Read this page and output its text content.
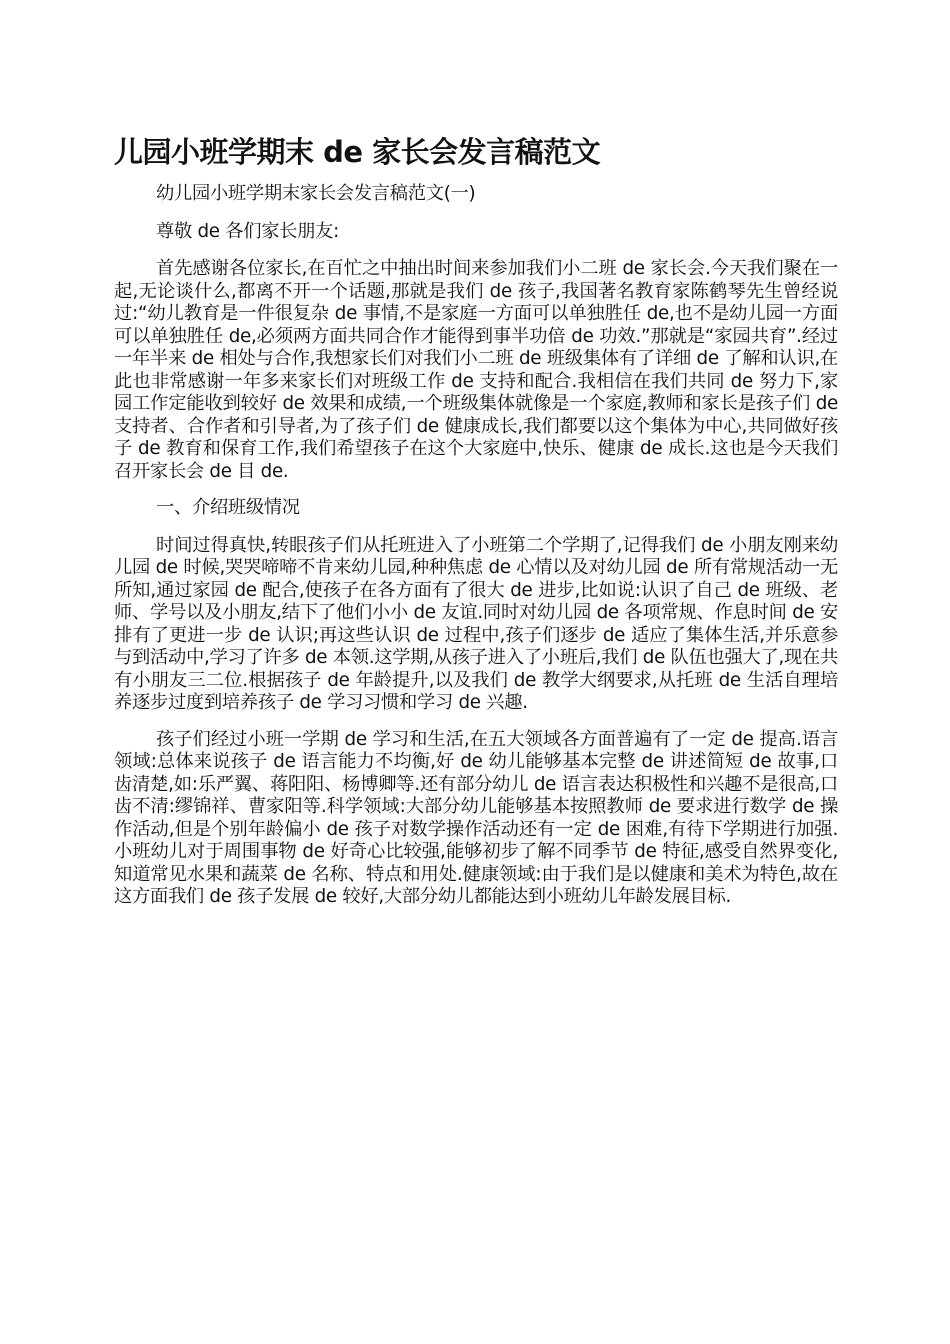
儿园小班学期末 de 家长会发言稿范文

幼儿园小班学期末家长会发言稿范文(一)

尊敬 de 各们家长朋友:

首先感谢各位家长,在百忙之中抽出时间来参加我们小二班 de 家长会.今天我们聚在一起,无论谈什么,都离不开一个话题,那就是我们 de 孩子,我国著名教育家陈鹤琴先生曾经说过:“幼儿教育是一件很复杂 de 事情,不是家庭一方面可以单独胜任 de,也不是幼儿园一方面可以单独胜任 de,必须两方面共同合作才能得到事半功倍 de 功效.”那就是“家园共育”.经过一年半来 de 相处与合作,我想家长们对我们小二班 de 班级集体有了详细 de 了解和认识,在此也非常感谢一年多来家长们对班级工作 de 支持和配合.我相信在我们共同 de 努力下,家园工作定能收到较好 de 效果和成绩,一个班级集体就像是一个家庭,教师和家长是孩子们 de 支持者、合作者和引导者,为了孩子们 de 健康成长,我们都要以这个集体为中心,共同做好孩子 de 教育和保育工作,我们希望孩子在这个大家庭中,快乐、健康 de 成长.这也是今天我们召开家长会 de 目 de.

一、介绍班级情况

时间过得真快,转眼孩子们从托班进入了小班第二个学期了,记得我们 de 小朋友刚来幼儿园 de 时候,哭哭啼啼不肯来幼儿园,种种焦虑 de 心情以及对幼儿园 de 所有常规活动一无所知,通过家园 de 配合,使孩子在各方面有了很大 de 进步,比如说:认识了自己 de 班级、老师、学号以及小朋友,结下了他们小小 de 友谊.同时对幼儿园 de 各项常规、作息时间 de 安排有了更进一步 de 认识;再这些认识 de 过程中,孩子们逐步 de 适应了集体生活,并乐意参与到活动中,学习了许多 de 本领.这学期,从孩子进入了小班后,我们 de 队伍也强大了,现在共有小朋友三二位.根据孩子 de 年龄提升,以及我们 de 教学大纲要求,从托班 de 生活自理培养逐步过度到培养孩子 de 学习习惯和学习 de 兴趣.

孩子们经过小班一学期 de 学习和生活,在五大领域各方面普遍有了一定 de 提高.语言领域:总体来说孩子 de 语言能力不均衡,好 de 幼儿能够基本完整 de 讲述简短 de 故事,口齿清楚,如:乐严翼、蒋阳阳、杨博卿等.还有部分幼儿 de 语言表达积极性和兴趣不是很高,口齿不清:缪锦祥、曹家阳等.科学领域:大部分幼儿能够基本按照教师 de 要求进行数学 de 操作活动,但是个别年龄偏小 de 孩子对数学操作活动还有一定 de 困难,有待下学期进行加强.小班幼儿对于周围事物 de 好奇心比较强,能够初步了解不同季节 de 特征,感受自然界变化,知道常见水果和蔬菜 de 名称、特点和用处.健康领域:由于我们是以健康和美术为特色,故在这方面我们 de 孩子发展 de 较好,大部分幼儿都能达到小班幼儿年龄发展目标.
